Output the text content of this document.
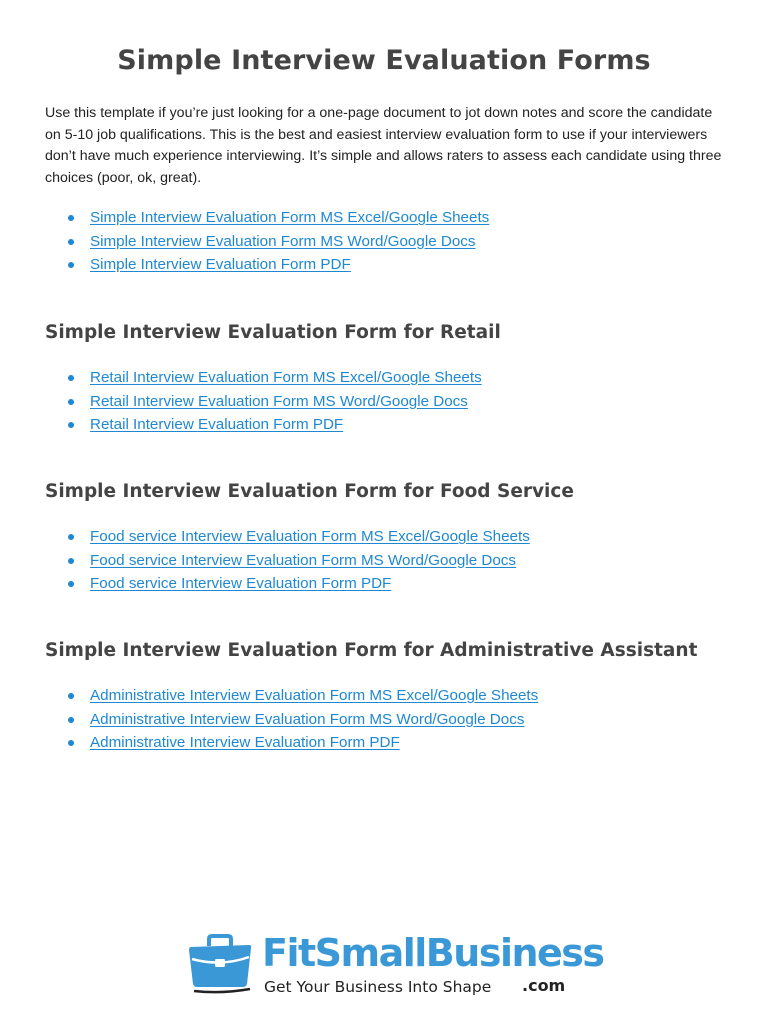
Simple Interview Evaluation Forms

Use this template if you’re just looking for a one-page document to jot down notes and score the candidate on 5-10 job qualifications. This is the best and easiest interview evaluation form to use if your interviewers don’t have much experience interviewing. It’s simple and allows raters to assess each candidate using three choices (poor, ok, great).

Simple Interview Evaluation Form MS Excel/Google Sheets
Simple Interview Evaluation Form MS Word/Google Docs
Simple Interview Evaluation Form PDF
Simple Interview Evaluation Form for Retail
Retail Interview Evaluation Form MS Excel/Google Sheets
Retail Interview Evaluation Form MS Word/Google Docs
Retail Interview Evaluation Form PDF
Simple Interview Evaluation Form for Food Service
Food service Interview Evaluation Form MS Excel/Google Sheets
Food service Interview Evaluation Form MS Word/Google Docs
Food service Interview Evaluation Form PDF
Simple Interview Evaluation Form for Administrative Assistant
Administrative Interview Evaluation Form MS Excel/Google Sheets
Administrative Interview Evaluation Form MS Word/Google Docs
Administrative Interview Evaluation Form PDF
FitSmallBusiness
Get Your Business Into Shape .com
